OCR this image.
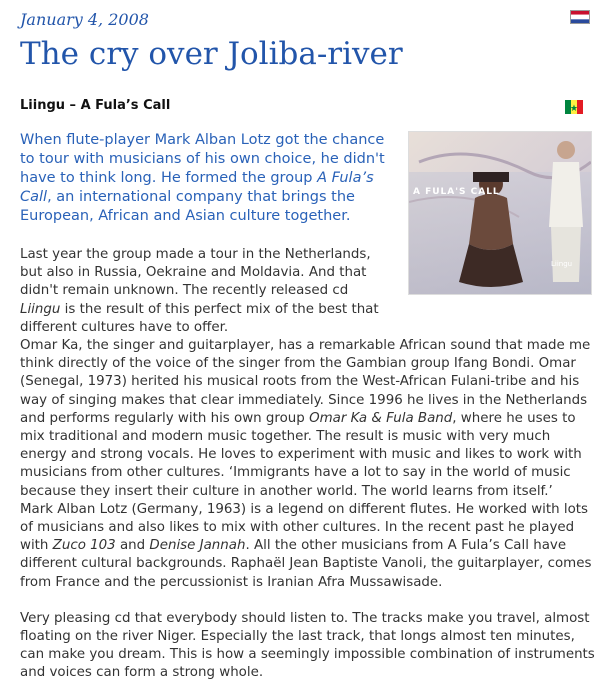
January 4, 2008
The cry over Joliba-river
Liingu – A Fula’s Call
A FULA'S CALL
Liingu
When flute-player Mark Alban Lotz got the chance to tour with musicians of his own choice, he didn't have to think long. He formed the group A Fula’s Call, an international company that brings the European, African and Asian culture together.

Last year the group made a tour in the Netherlands, but also in Russia, Oekraine and Moldavia. And that didn't remain unknown. The recently released cd Liingu is the result of this perfect mix of the best that different cultures have to offer.

Omar Ka, the singer and guitarplayer, has a remarkable African sound that made me think directly of the voice of the singer from the Gambian group Ifang Bondi. Omar (Senegal, 1973) herited his musical roots from the West-African Fulani-tribe and his way of singing makes that clear immediately. Since 1996 he lives in the Netherlands and performs regularly with his own group Omar Ka & Fula Band, where he uses to mix traditional and modern music together. The result is music with very much energy and strong vocals. He loves to experiment with music and likes to work with musicians from other cultures. ‘Immigrants have a lot to say in the world of music because they insert their culture in another world. The world learns from itself.’

Mark Alban Lotz (Germany, 1963) is a legend on different flutes. He worked with lots of musicians and also likes to mix with other cultures. In the recent past he played with Zuco 103 and Denise Jannah. All the other musicians from A Fula’s Call have different cultural backgrounds. Raphaël Jean Baptiste Vanoli, the guitarplayer, comes from France and the percussionist is Iranian Afra Mussawisade.

Very pleasing cd that everybody should listen to. The tracks make you travel, almost floating on the river Niger. Especially the last track, that longs almost ten minutes, can make you dream. This is how a seemingly impossible combination of instruments and voices can form a strong whole.
